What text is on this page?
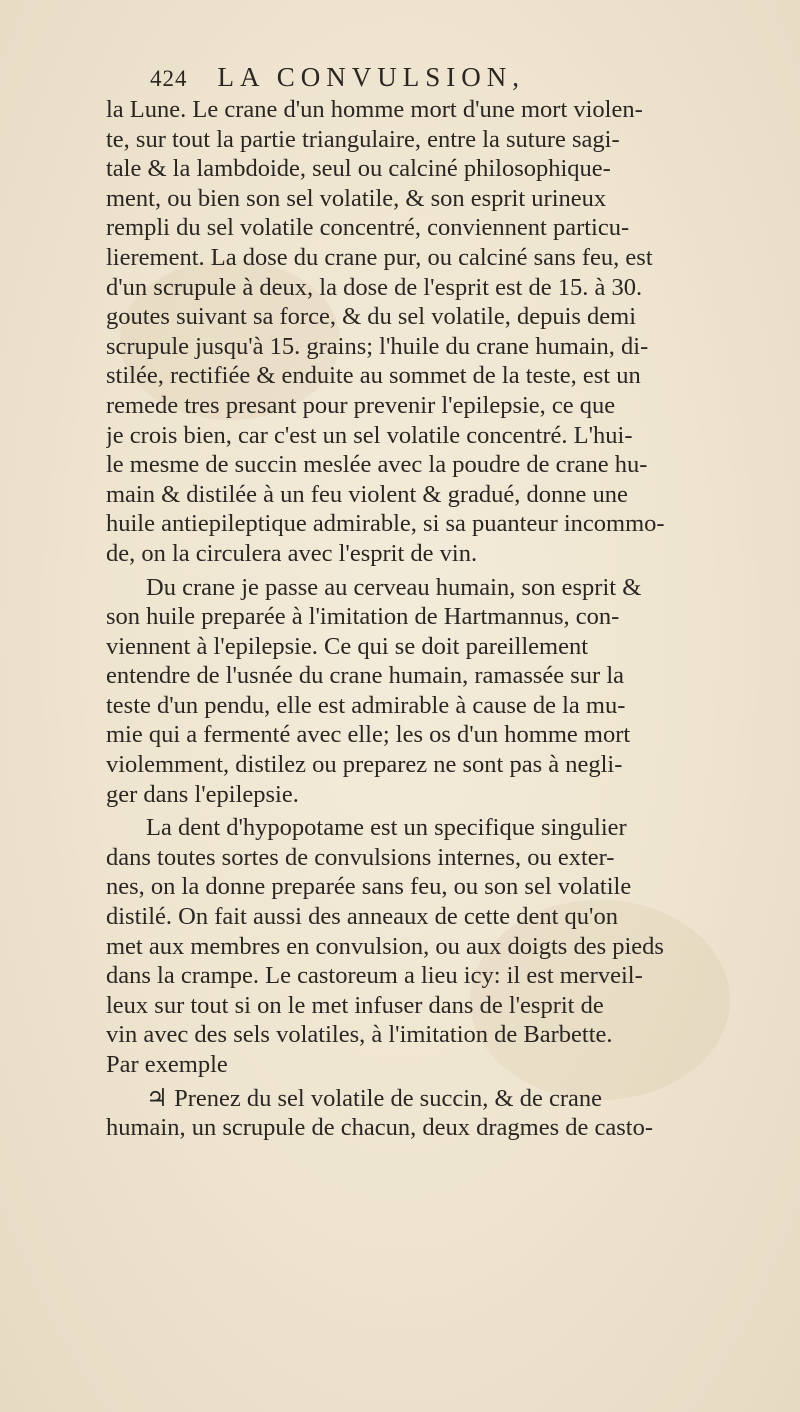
424 LA CONVULSION,
la Lune. Le crane d'un homme mort d'une mort violen-
te, sur tout la partie triangulaire, entre la suture sagi-
tale & la lambdoide, seul ou calciné philosophique-
ment, ou bien son sel volatile, & son esprit urineux
rempli du sel volatile concentré, conviennent particu-
lierement. La dose du crane pur, ou calciné sans feu, est
d'un scrupule à deux, la dose de l'esprit est de 15. à 30.
goutes suivant sa force, & du sel volatile, depuis demi
scrupule jusqu'à 15. grains; l'huile du crane humain, di-
stilée, rectifiée & enduite au sommet de la teste, est un
remede tres presant pour prevenir l'epilepsie, ce que
je crois bien, car c'est un sel volatile concentré. L'hui-
le mesme de succin meslée avec la poudre de crane hu-
main & distilée à un feu violent & gradué, donne une
huile antiepileptique admirable, si sa puanteur incommo-
de, on la circulera avec l'esprit de vin.
Du crane je passe au cerveau humain, son esprit &
son huile preparée à l'imitation de Hartmannus, con-
viennent à l'epilepsie. Ce qui se doit pareillement
entendre de l'usnée du crane humain, ramassée sur la
teste d'un pendu, elle est admirable à cause de la mu-
mie qui a fermenté avec elle; les os d'un homme mort
violemment, distilez ou preparez ne sont pas à negli-
ger dans l'epilepsie.
La dent d'hypopotame est un specifique singulier
dans toutes sortes de convulsions internes, ou exter-
nes, on la donne preparée sans feu, ou son sel volatile
distilé. On fait aussi des anneaux de cette dent qu'on
met aux membres en convulsion, ou aux doigts des pieds
dans la crampe. Le castoreum a lieu icy: il est merveil-
leux sur tout si on le met infuser dans de l'esprit de
vin avec des sels volatiles, à l'imitation de Barbette.
Par exemple
♃ Prenez du sel volatile de succin, & de crane
humain, un scrupule de chacun, deux dragmes de casto-
